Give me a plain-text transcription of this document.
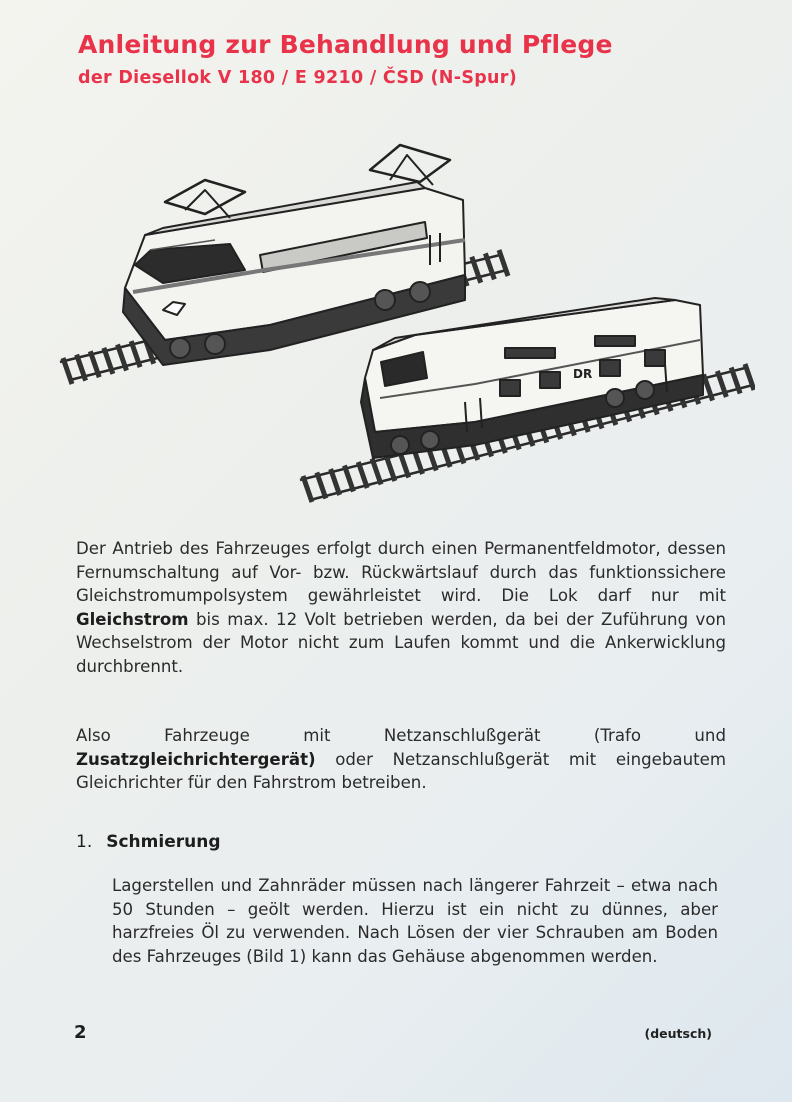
Anleitung zur Behandlung und Pflege
der Diesellok V 180 / E 9210 / ČSD (N-Spur)
DR

Der Antrieb des Fahrzeuges erfolgt durch einen Permanentfeldmotor, dessen Fernumschaltung auf Vor- bzw. Rückwärtslauf durch das funktionssichere Gleichstromumpolsystem gewährleistet wird. Die Lok darf nur mit Gleichstrom bis max. 12 Volt betrieben werden, da bei der Zuführung von Wechselstrom der Motor nicht zum Laufen kommt und die Ankerwicklung durchbrennt.

Also Fahrzeuge mit Netzanschlußgerät (Trafo und Zusatzgleichrichtergerät) oder Netzanschlußgerät mit eingebautem Gleichrichter für den Fahrstrom betreiben.

1. Schmierung

Lagerstellen und Zahnräder müssen nach längerer Fahrzeit – etwa nach 50 Stunden – geölt werden. Hierzu ist ein nicht zu dünnes, aber harzfreies Öl zu verwenden. Nach Lösen der vier Schrauben am Boden des Fahrzeuges (Bild 1) kann das Gehäuse abgenommen werden.

2	(deutsch)
